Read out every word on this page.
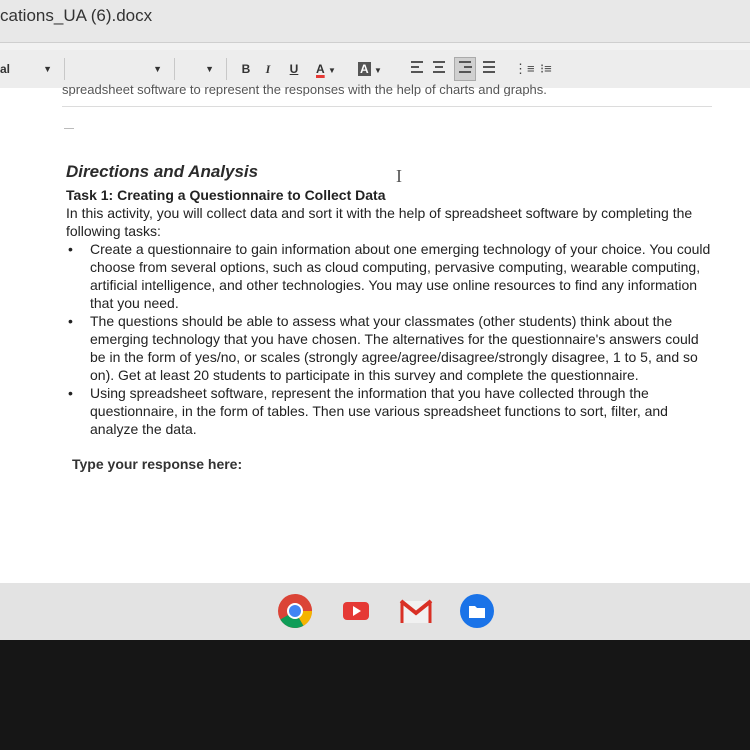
cations_UA (6).docx
al	▼	▼	▼	B	I	U	A ▼	A ▼	⋮≡ ⁝≡
spreadsheet software to represent the responses with the help of charts and graphs.
I

Directions and Analysis

Task 1: Creating a Questionnaire to Collect Data

In this activity, you will collect data and sort it with the help of spreadsheet software by completing the following tasks:

• Create a questionnaire to gain information about one emerging technology of your choice. You could choose from several options, such as cloud computing, pervasive computing, wearable computing, artificial intelligence, and other technologies. You may use online resources to find any information that you need.
• The questions should be able to assess what your classmates (other students) think about the emerging technology that you have chosen. The alternatives for the questionnaire's answers could be in the form of yes/no, or scales (strongly agree/agree/disagree/strongly disagree, 1 to 5, and so on). Get at least 20 students to participate in this survey and complete the questionnaire.
• Using spreadsheet software, represent the information that you have collected through the questionnaire, in the form of tables. Then use various spreadsheet functions to sort, filter, and analyze the data.

Type your response here:
